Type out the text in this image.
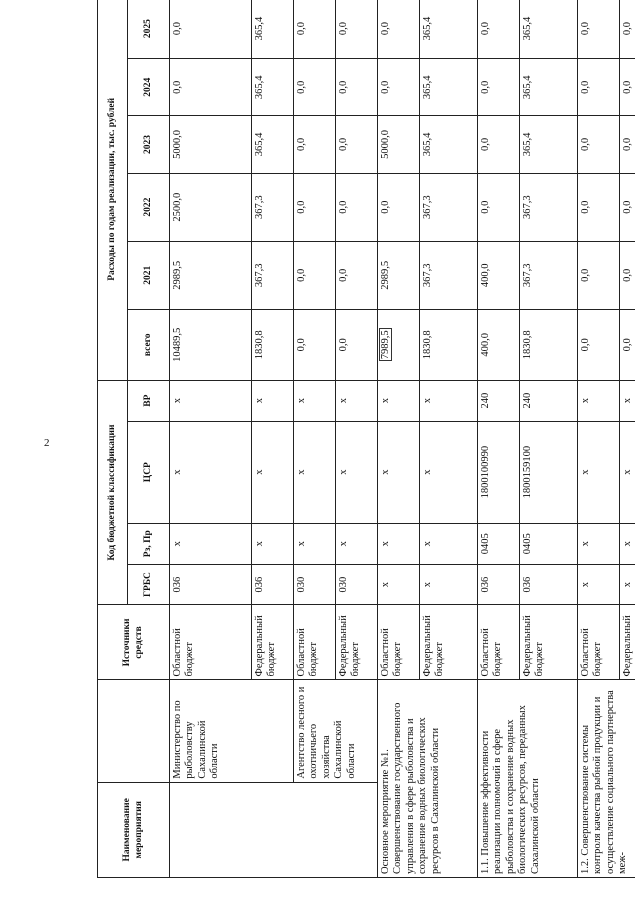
2
Наименование мероприятия		Источники средств	Код бюджетной классификации				Расходы по годам реализации, тыс. рублей					
			ГРБС	Рз, Пр	ЦСР	ВР	всего	2021	2022	2023	2024	2025
	Министерство по рыболовству Сахалинской области	Областной бюджет	036	х	х	х	10489,5	2989,5	2500,0	5000,0	0,0	0,0
		Федеральный бюджет	036	х	х	х	1830,8	367,3	367,3	365,4	365,4	365,4
	Агентство лесного и охотничьего хозяйства Сахалинской области	Областной бюджет	030	х	х	х	0,0	0,0	0,0	0,0	0,0	0,0
		Федеральный бюджет	030	х	х	х	0,0	0,0	0,0	0,0	0,0	0,0
Основное мероприятие №1. Совершенствование государственного управления в сфере рыболовства и сохранение водных биологических ресурсов в Сахалинской области		Областной бюджет	х	х	х	х	7989,5	2989,5	0,0	5000,0	0,0	0,0
		Федеральный бюджет	х	х	х	х	1830,8	367,3	367,3	365,4	365,4	365,4
1.1. Повышение эффективности реализации полномочий в сфере рыболовства и сохранение водных биологических ресурсов, переданных Сахалинской области		Областной бюджет	036	0405	1800100990	240	400,0	400,0	0,0	0,0	0,0	0,0
		Федеральный бюджет	036	0405	1800159100	240	1830,8	367,3	367,3	365,4	365,4	365,4
1.2. Совершенствование системы контроля качества рыбной продукции и осуществление социального партнерства меж-		Областной бюджет	х	х	х	х	0,0	0,0	0,0	0,0	0,0	0,0
		Федеральный	х	х	х	х	0,0	0,0	0,0	0,0	0,0	0,0
